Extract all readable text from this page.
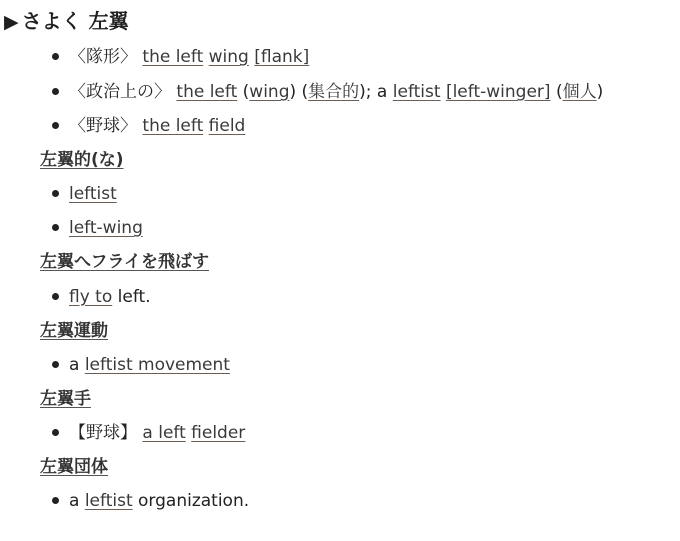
▶ さよく 左翼
〈隊形〉 the left wing [flank]
〈政治上の〉 the left (wing) (集合的); a leftist [left-winger] (個人)
〈野球〉 the left field
左翼的(な)
leftist
left-wing
左翼へフライを飛ばす
fly to left.
左翼運動
a leftist movement
左翼手
【野球】 a left fielder
左翼団体
a leftist organization.
